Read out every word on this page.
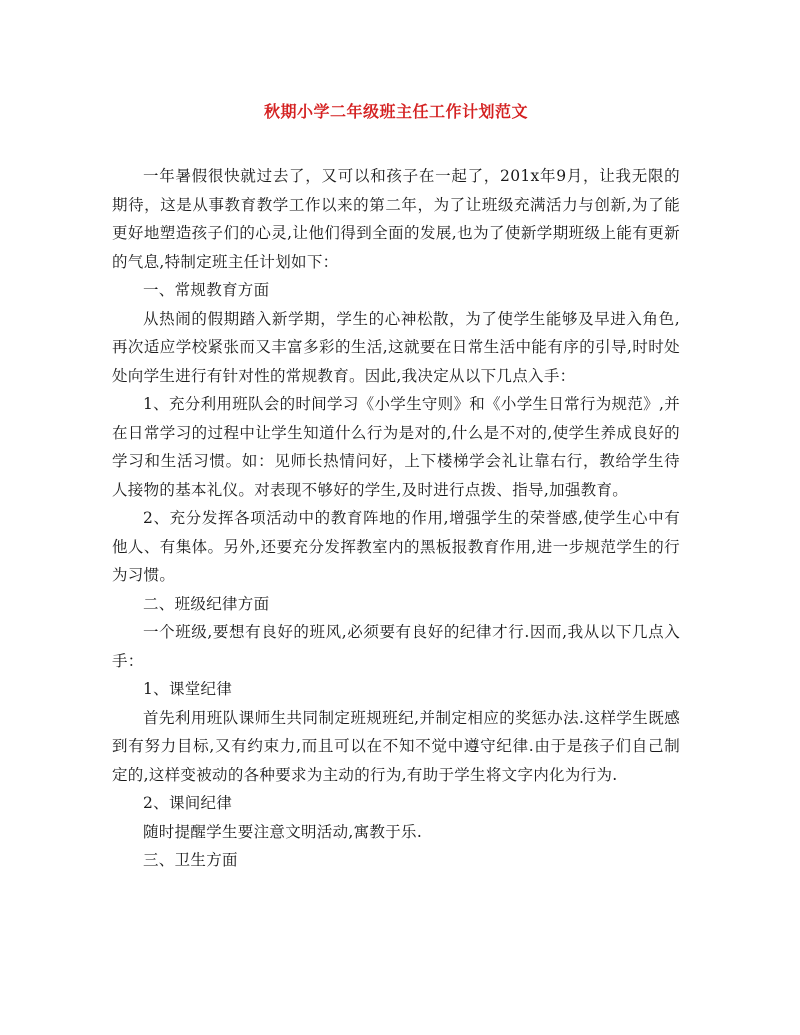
秋期小学二年级班主任工作计划范文

一年暑假很快就过去了，又可以和孩子在一起了，201x年9月，让我无限的期待，这是从事教育教学工作以来的第二年，为了让班级充满活力与创新,为了能更好地塑造孩子们的心灵,让他们得到全面的发展,也为了使新学期班级上能有更新的气息,特制定班主任计划如下：

一、常规教育方面

从热闹的假期踏入新学期，学生的心神松散，为了使学生能够及早进入角色,再次适应学校紧张而又丰富多彩的生活,这就要在日常生活中能有序的引导,时时处处向学生进行有针对性的常规教育。因此,我决定从以下几点入手：

1、充分利用班队会的时间学习《小学生守则》和《小学生日常行为规范》,并在日常学习的过程中让学生知道什么行为是对的,什么是不对的,使学生养成良好的学习和生活习惯。如：见师长热情问好，上下楼梯学会礼让靠右行，教给学生待人接物的基本礼仪。对表现不够好的学生,及时进行点拨、指导,加强教育。

2、充分发挥各项活动中的教育阵地的作用,增强学生的荣誉感,使学生心中有他人、有集体。另外,还要充分发挥教室内的黑板报教育作用,进一步规范学生的行为习惯。

二、班级纪律方面

一个班级,要想有良好的班风,必须要有良好的纪律才行.因而,我从以下几点入手：

1、课堂纪律

首先利用班队课师生共同制定班规班纪,并制定相应的奖惩办法.这样学生既感到有努力目标,又有约束力,而且可以在不知不觉中遵守纪律.由于是孩子们自己制定的,这样变被动的各种要求为主动的行为,有助于学生将文字内化为行为.

2、课间纪律

随时提醒学生要注意文明活动,寓教于乐.

三、卫生方面
